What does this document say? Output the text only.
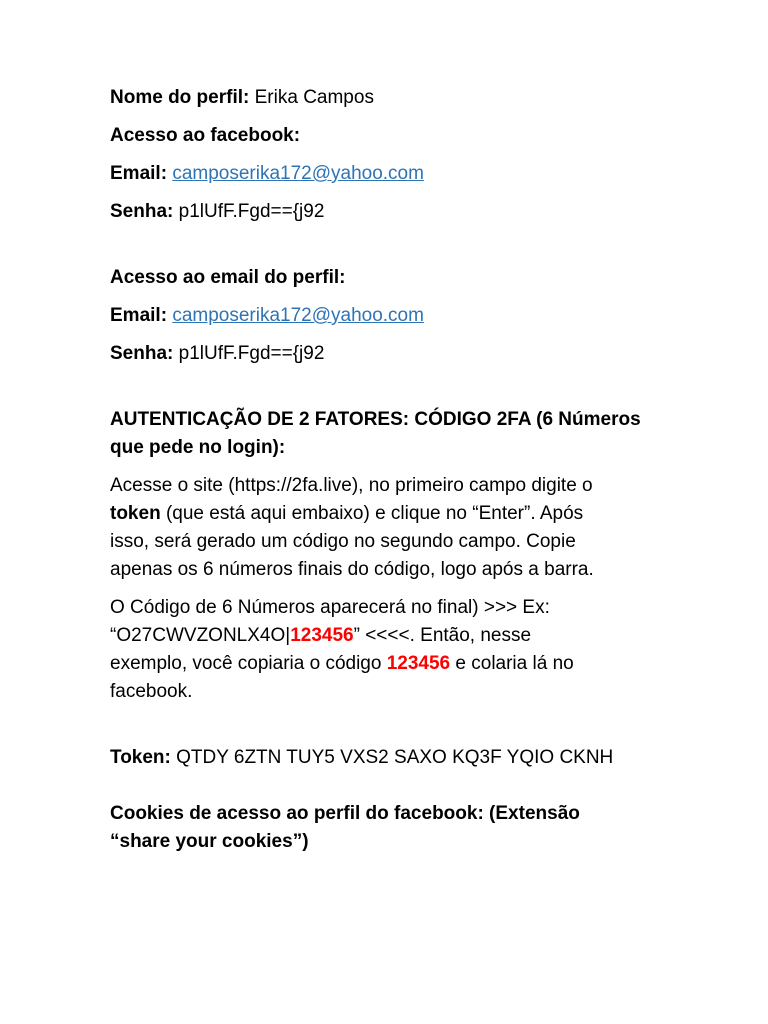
Nome do perfil: Erika Campos

Acesso ao facebook:

Email: camposerika172@yahoo.com

Senha: p1lUfF.Fgd=={j92

Acesso ao email do perfil:

Email: camposerika172@yahoo.com

Senha: p1lUfF.Fgd=={j92

AUTENTICAÇÃO DE 2 FATORES: CÓDIGO 2FA (6 Números

que pede no login):

Acesse o site (https://2fa.live), no primeiro campo digite o

token (que está aqui embaixo) e clique no “Enter”. Após

isso, será gerado um código no segundo campo. Copie

apenas os 6 números finais do código, logo após a barra.

O Código de 6 Números aparecerá no final) >>> Ex:

“O27CWVZONLX4O|123456” <<<<. Então, nesse

exemplo, você copiaria o código 123456 e colaria lá no

facebook.

Token: QTDY 6ZTN TUY5 VXS2 SAXO KQ3F YQIO CKNH

Cookies de acesso ao perfil do facebook: (Extensão

“share your cookies”)
